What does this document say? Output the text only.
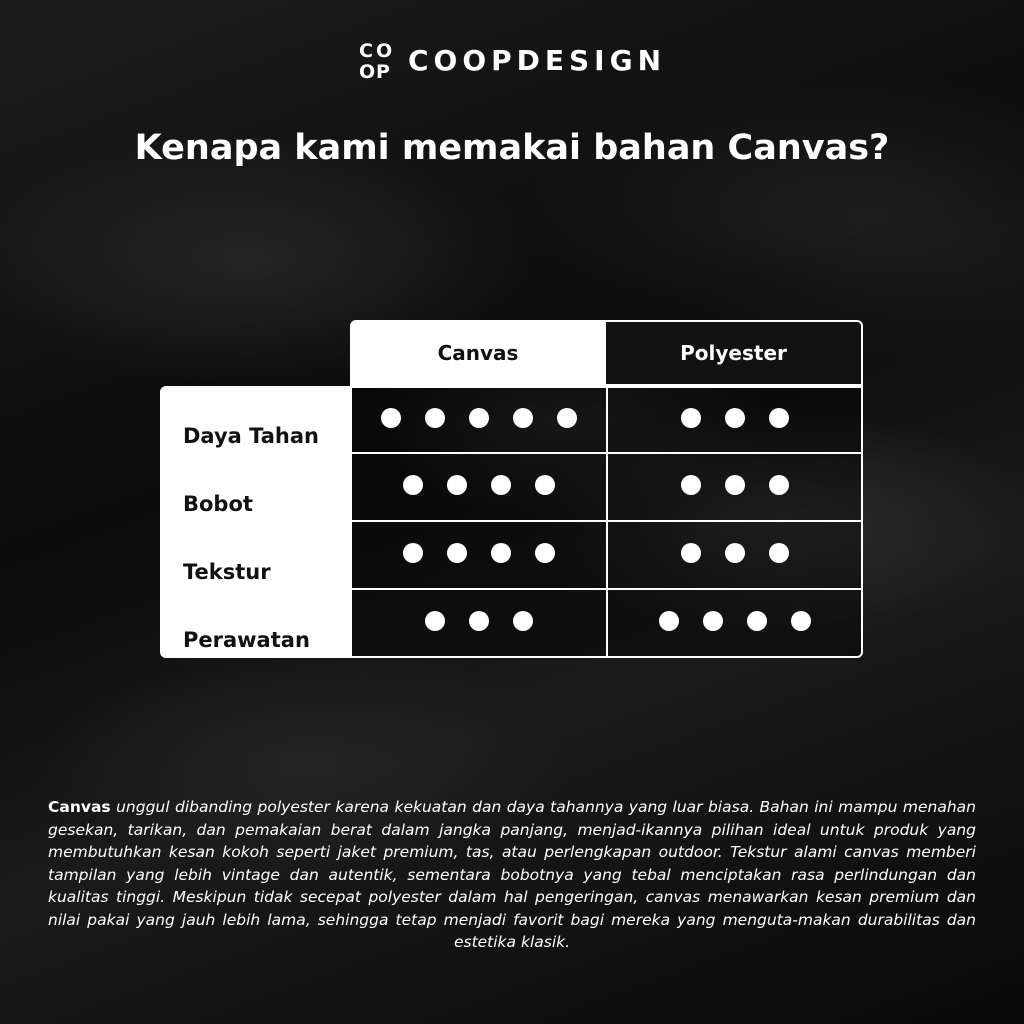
C O
O P COOPDESIGN
Kenapa kami memakai bahan Canvas?
Canvas	Polyester
Daya Tahan
Bobot
Tekstur
Perawatan

Canvas unggul dibanding polyester karena kekuatan dan daya tahannya yang luar biasa. Bahan ini mampu menahan gesekan, tarikan, dan pemakaian berat dalam jangka panjang, menjad-ikannya pilihan ideal untuk produk yang membutuhkan kesan kokoh seperti jaket premium, tas, atau perlengkapan outdoor. Tekstur alami canvas memberi tampilan yang lebih vintage dan autentik, sementara bobotnya yang tebal menciptakan rasa perlindungan dan kualitas tinggi. Meskipun tidak secepat polyester dalam hal pengeringan, canvas menawarkan kesan premium dan nilai pakai yang jauh lebih lama, sehingga tetap menjadi favorit bagi mereka yang menguta-makan durabilitas dan estetika klasik.
